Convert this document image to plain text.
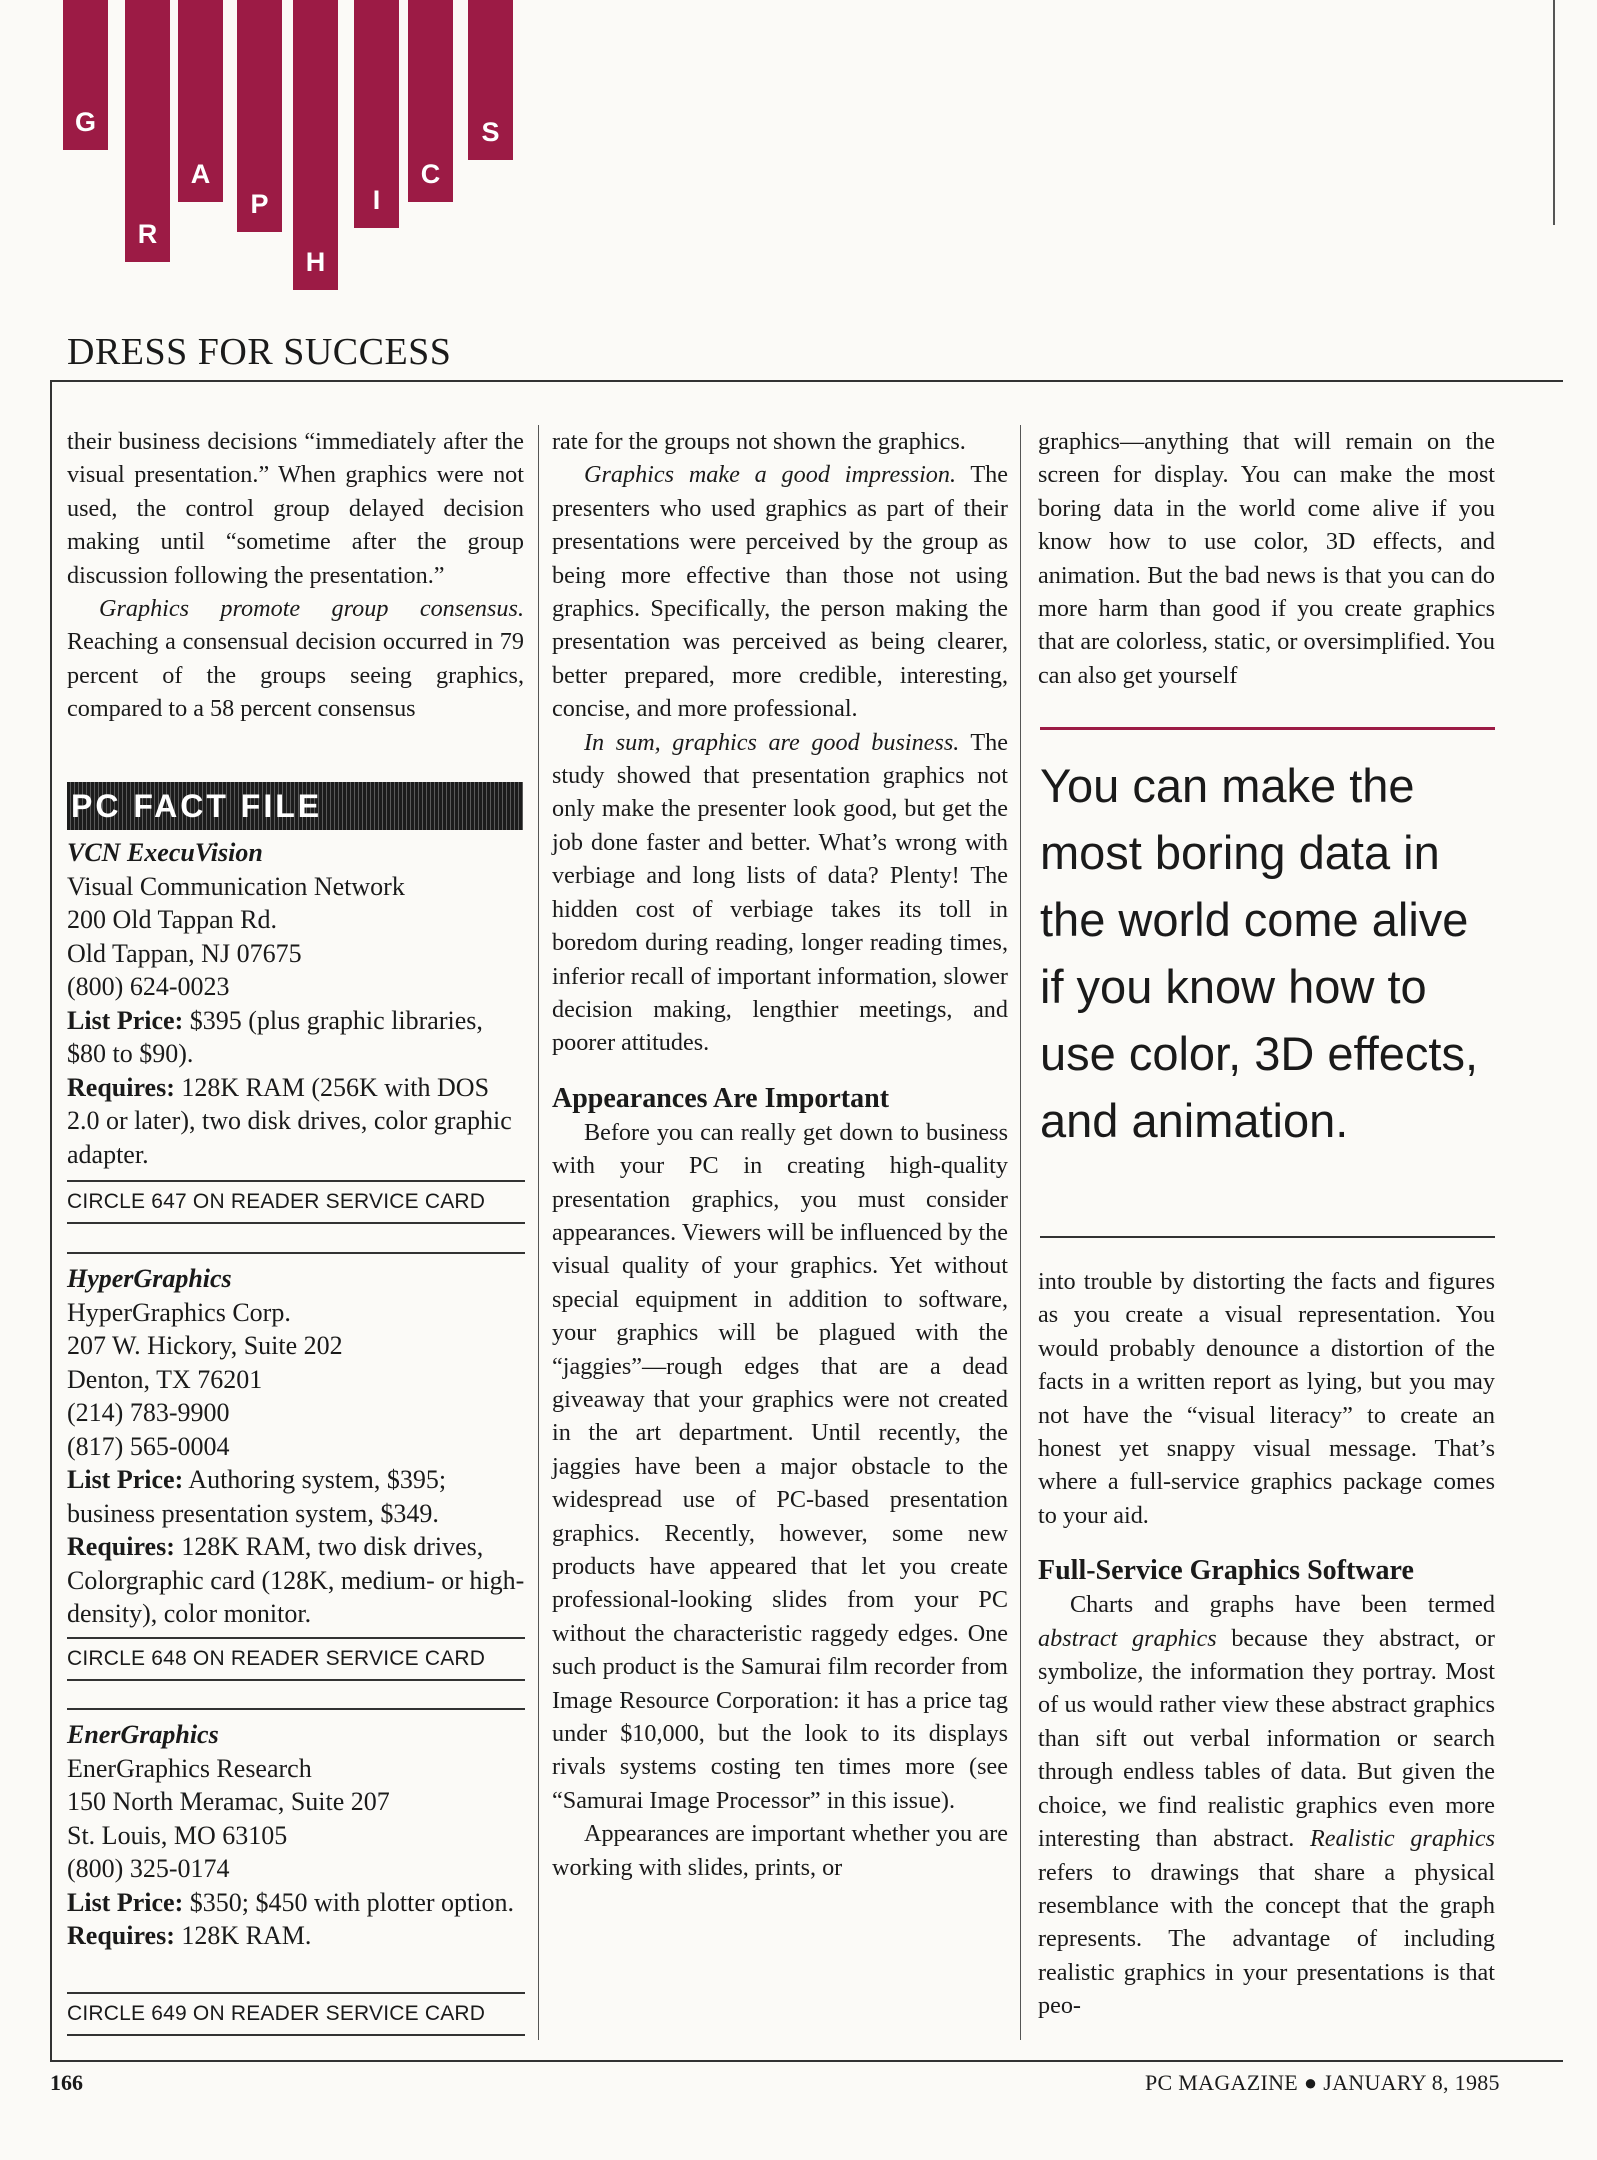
G
R
A
P
H
I
C
S
DRESS FOR SUCCESS

their business decisions “immediately after the visual presentation.” When graphics were not used, the control group delayed decision making until “sometime after the group discussion following the presentation.”

Graphics promote group consensus. Reaching a consensual decision occurred in 79 percent of the groups seeing graphics, compared to a 58 percent consensus

PC FACT FILE
VCN ExecuVision
Visual Communication Network
200 Old Tappan Rd.
Old Tappan, NJ 07675
(800) 624-0023
List Price: $395 (plus graphic libraries, $80 to $90).
Requires: 128K RAM (256K with DOS 2.0 or later), two disk drives, color graphic adapter.
CIRCLE 647 ON READER SERVICE CARD
HyperGraphics
HyperGraphics Corp.
207 W. Hickory, Suite 202
Denton, TX 76201
(214) 783-9900
(817) 565-0004
List Price: Authoring system, $395; business presentation system, $349.
Requires: 128K RAM, two disk drives, Colorgraphic card (128K, medium- or high-density), color monitor.
CIRCLE 648 ON READER SERVICE CARD
EnerGraphics
EnerGraphics Research
150 North Meramac, Suite 207
St. Louis, MO 63105
(800) 325-0174
List Price: $350; $450 with plotter option.
Requires: 128K RAM.
CIRCLE 649 ON READER SERVICE CARD

rate for the groups not shown the graphics.

Graphics make a good impression. The presenters who used graphics as part of their presentations were perceived by the group as being more effective than those not using graphics. Specifically, the person making the presentation was perceived as being clearer, better prepared, more credible, interesting, concise, and more professional.

In sum, graphics are good business. The study showed that presentation graphics not only make the presenter look good, but get the job done faster and better. What’s wrong with verbiage and long lists of data? Plenty! The hidden cost of verbiage takes its toll in boredom during reading, longer reading times, inferior recall of important information, slower decision making, lengthier meetings, and poorer attitudes.

Appearances Are Important

Before you can really get down to business with your PC in creating high-quality presentation graphics, you must consider appearances. Viewers will be influenced by the visual quality of your graphics. Yet without special equipment in addition to software, your graphics will be plagued with the “jaggies”—rough edges that are a dead giveaway that your graphics were not created in the art department. Until recently, the jaggies have been a major obstacle to the widespread use of PC-based presentation graphics. Recently, however, some new products have appeared that let you create professional-looking slides from your PC without the characteristic raggedy edges. One such product is the Samurai film recorder from Image Resource Corporation: it has a price tag under $10,000, but the look to its displays rivals systems costing ten times more (see “Samurai Image Processor” in this issue).

Appearances are important whether you are working with slides, prints, or

graphics—anything that will remain on the screen for display. You can make the most boring data in the world come alive if you know how to use color, 3D effects, and animation. But the bad news is that you can do more harm than good if you create graphics that are colorless, static, or oversimplified. You can also get yourself

You can make the most boring data in the world come alive if you know how to use color, 3D effects, and animation.

into trouble by distorting the facts and figures as you create a visual representation. You would probably denounce a distortion of the facts in a written report as lying, but you may not have the “visual literacy” to create an honest yet snappy visual message. That’s where a full-service graphics package comes to your aid.

Full-Service Graphics Software

Charts and graphs have been termed abstract graphics because they abstract, or symbolize, the information they portray. Most of us would rather view these abstract graphics than sift out verbal information or search through endless tables of data. But given the choice, we find realistic graphics even more interesting than abstract. Realistic graphics refers to drawings that share a physical resemblance with the concept that the graph represents. The advantage of including realistic graphics in your presentations is that peo-

166	PC MAGAZINE ● JANUARY 8, 1985
